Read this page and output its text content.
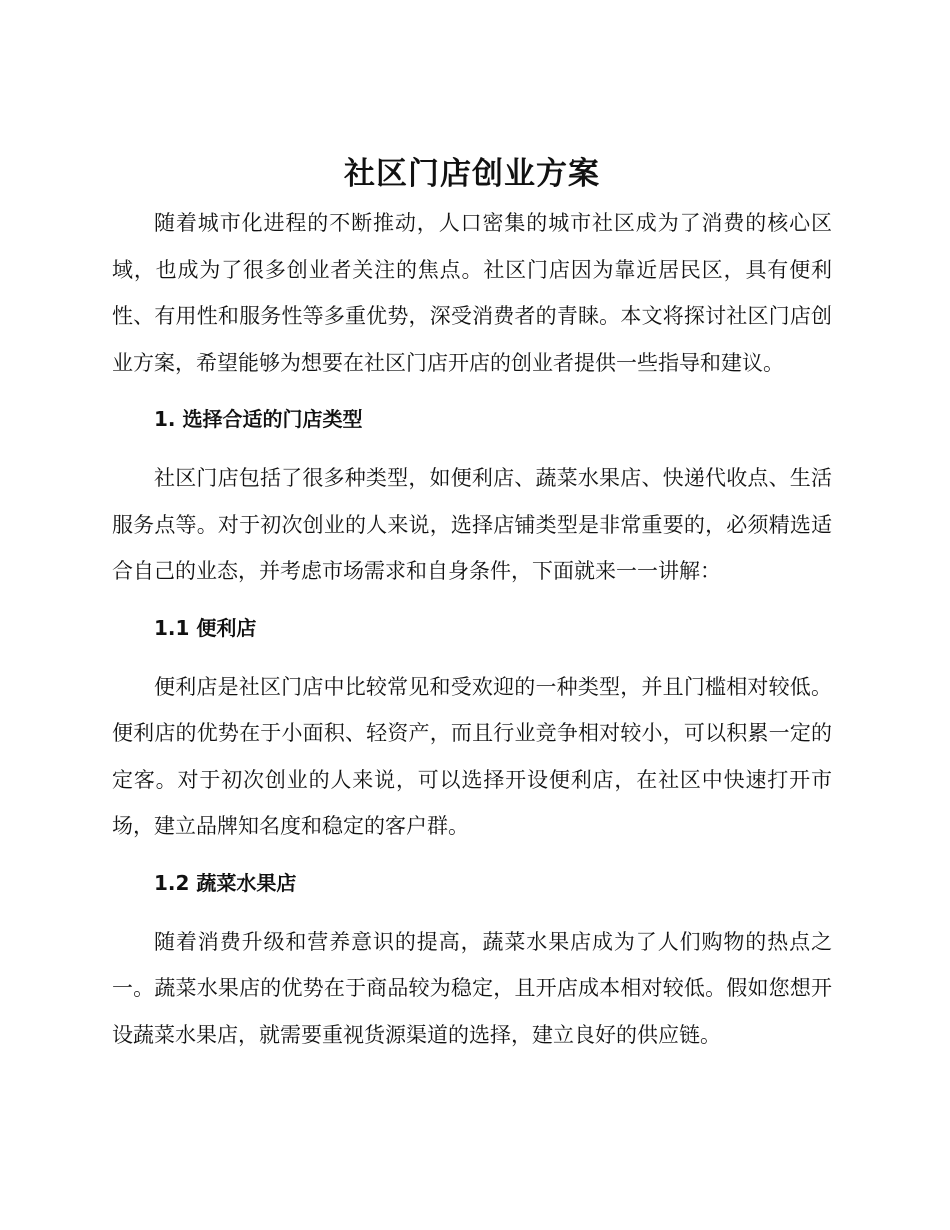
社区门店创业方案

随着城市化进程的不断推动，人口密集的城市社区成为了消费的核心区域，也成为了很多创业者关注的焦点。社区门店因为靠近居民区，具有便利性、有用性和服务性等多重优势，深受消费者的青睐。本文将探讨社区门店创业方案，希望能够为想要在社区门店开店的创业者提供一些指导和建议。

1. 选择合适的门店类型

社区门店包括了很多种类型，如便利店、蔬菜水果店、快递代收点、生活服务点等。对于初次创业的人来说，选择店铺类型是非常重要的，必须精选适合自己的业态，并考虑市场需求和自身条件，下面就来一一讲解：

1.1 便利店

便利店是社区门店中比较常见和受欢迎的一种类型，并且门槛相对较低。便利店的优势在于小面积、轻资产，而且行业竞争相对较小，可以积累一定的定客。对于初次创业的人来说，可以选择开设便利店，在社区中快速打开市场，建立品牌知名度和稳定的客户群。

1.2 蔬菜水果店

随着消费升级和营养意识的提高，蔬菜水果店成为了人们购物的热点之一。蔬菜水果店的优势在于商品较为稳定，且开店成本相对较低。假如您想开设蔬菜水果店，就需要重视货源渠道的选择，建立良好的供应链。
